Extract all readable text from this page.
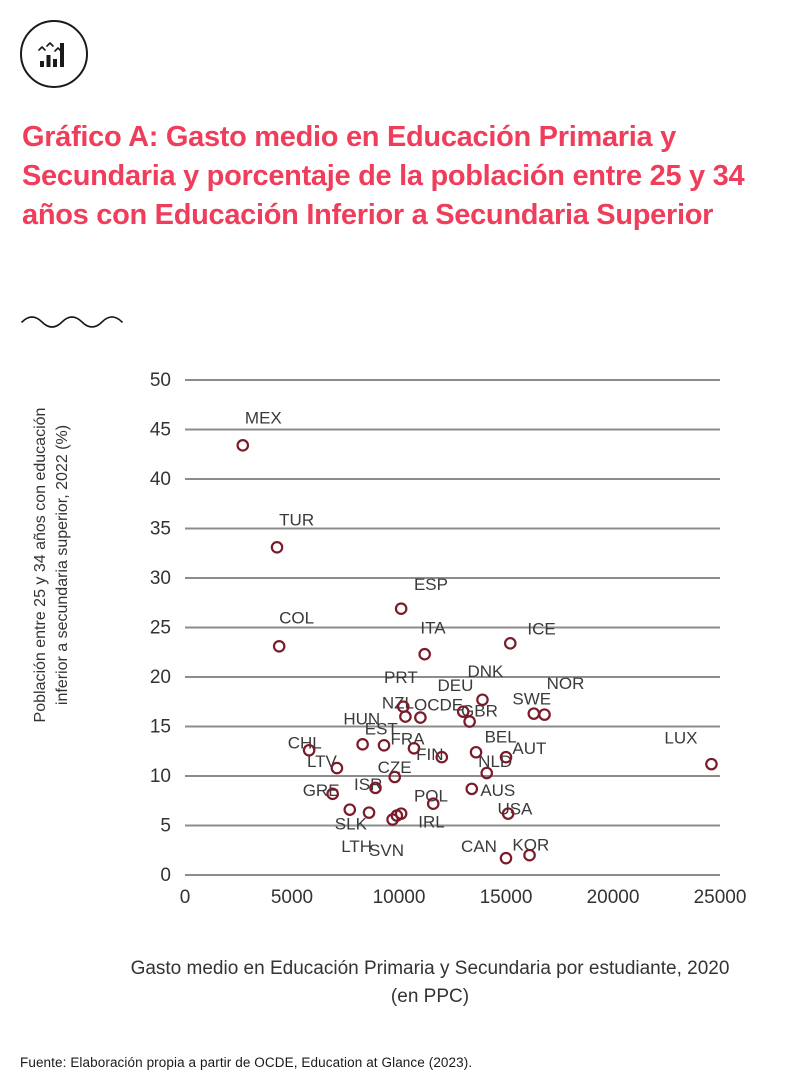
Gráfico A: Gasto medio en Educación Primaria y Secundaria y porcentaje de la población entre 25 y 34 años con Educación Inferior a Secundaria Superior
0
5
10
15
20
25
30
35
40
45
50
0	5000	10000	15000	20000	25000
MEX
TUR
COL
ESP
ITA	ICE
PRT DEU
DNK
NOR
SWE
NZL OCDE
GBR
HUN
EST
FRA	BEL
AUT
LUX
CHL
FIN
LTV CZE	NLD
GRE ISR
POL AUS
USA
SLK
LTH
SVN
IRL
CAN KOR
Población entre 25 y 34 años con educación inferior a secundaria superior, 2022 (%)
Gasto medio en Educación Primaria y Secundaria por estudiante, 2020 (en PPC)
Fuente: Elaboración propia a partir de OCDE, Education at Glance (2023).
